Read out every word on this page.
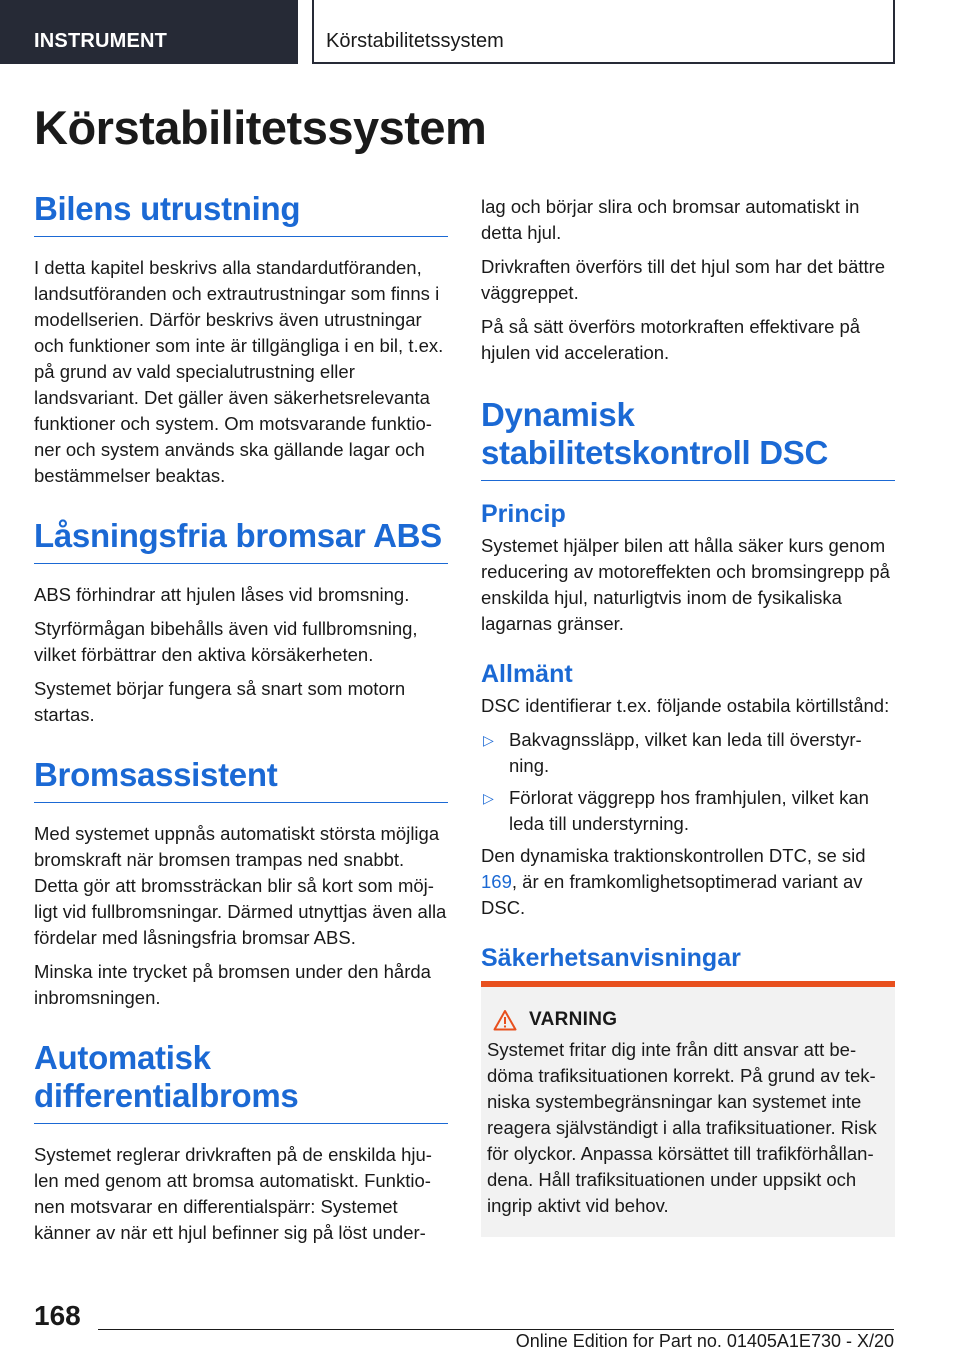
INSTRUMENT	Körstabilitetssystem
Körstabilitetssystem
Bilens utrustning

I detta kapitel beskrivs alla standardutföranden, landsutföranden och extrautrustningar som finns i modellserien. Därför beskrivs även utrustningar och funktioner som inte är tillgängliga i en bil, t.ex. på grund av vald specialutrustning eller landsvariant. Det gäller även säkerhetsrelevanta funktioner och system. Om motsvarande funktioner och system används ska gällande lagar och bestämmelser beaktas.

Låsningsfria bromsar ABS

ABS förhindrar att hjulen låses vid bromsning.

Styrförmågan bibehålls även vid fullbromsning, vilket förbättrar den aktiva körsäkerheten.

Systemet börjar fungera så snart som motorn startas.

Bromsassistent

Med systemet uppnås automatiskt största möjliga bromskraft när bromsen trampas ned snabbt. Detta gör att bromssträckan blir så kort som möjligt vid fullbromsningar. Därmed utnyttjas även alla fördelar med låsningsfria bromsar ABS.

Minska inte trycket på bromsen under den hårda inbromsningen.

Automatisk differentialbroms

Systemet reglerar drivkraften på de enskilda hjulen med genom att bromsa automatiskt. Funktionen motsvarar en differentialspärr: Systemet känner av när ett hjul befinner sig på löst under-

lag och börjar slira och bromsar automatiskt in detta hjul.

Drivkraften överförs till det hjul som har det bättre väggreppet.

På så sätt överförs motorkraften effektivare på hjulen vid acceleration.

Dynamisk stabilitetskontroll DSC
Princip

Systemet hjälper bilen att hålla säker kurs genom reducering av motoreffekten och bromsingrepp på enskilda hjul, naturligtvis inom de fysikaliska lagarnas gränser.

Allmänt

DSC identifierar t.ex. följande ostabila körtillstånd:

▷ Bakvagnssläpp, vilket kan leda till överstyrning.
▷ Förlorat väggrepp hos framhjulen, vilket kan leda till understyrning.

Den dynamiska traktionskontrollen DTC, se sid 169, är en framkomlighetsoptimerad variant av DSC.

Säkerhetsanvisningar
VARNING

Systemet fritar dig inte från ditt ansvar att bedöma trafiksituationen korrekt. På grund av tekniska systembegränsningar kan systemet inte reagera självständigt i alla trafiksituationer. Risk för olyckor. Anpassa körsättet till trafikförhållandena. Håll trafiksituationen under uppsikt och ingrip aktivt vid behov.

168
Online Edition for Part no. 01405A1E730 - X/20
